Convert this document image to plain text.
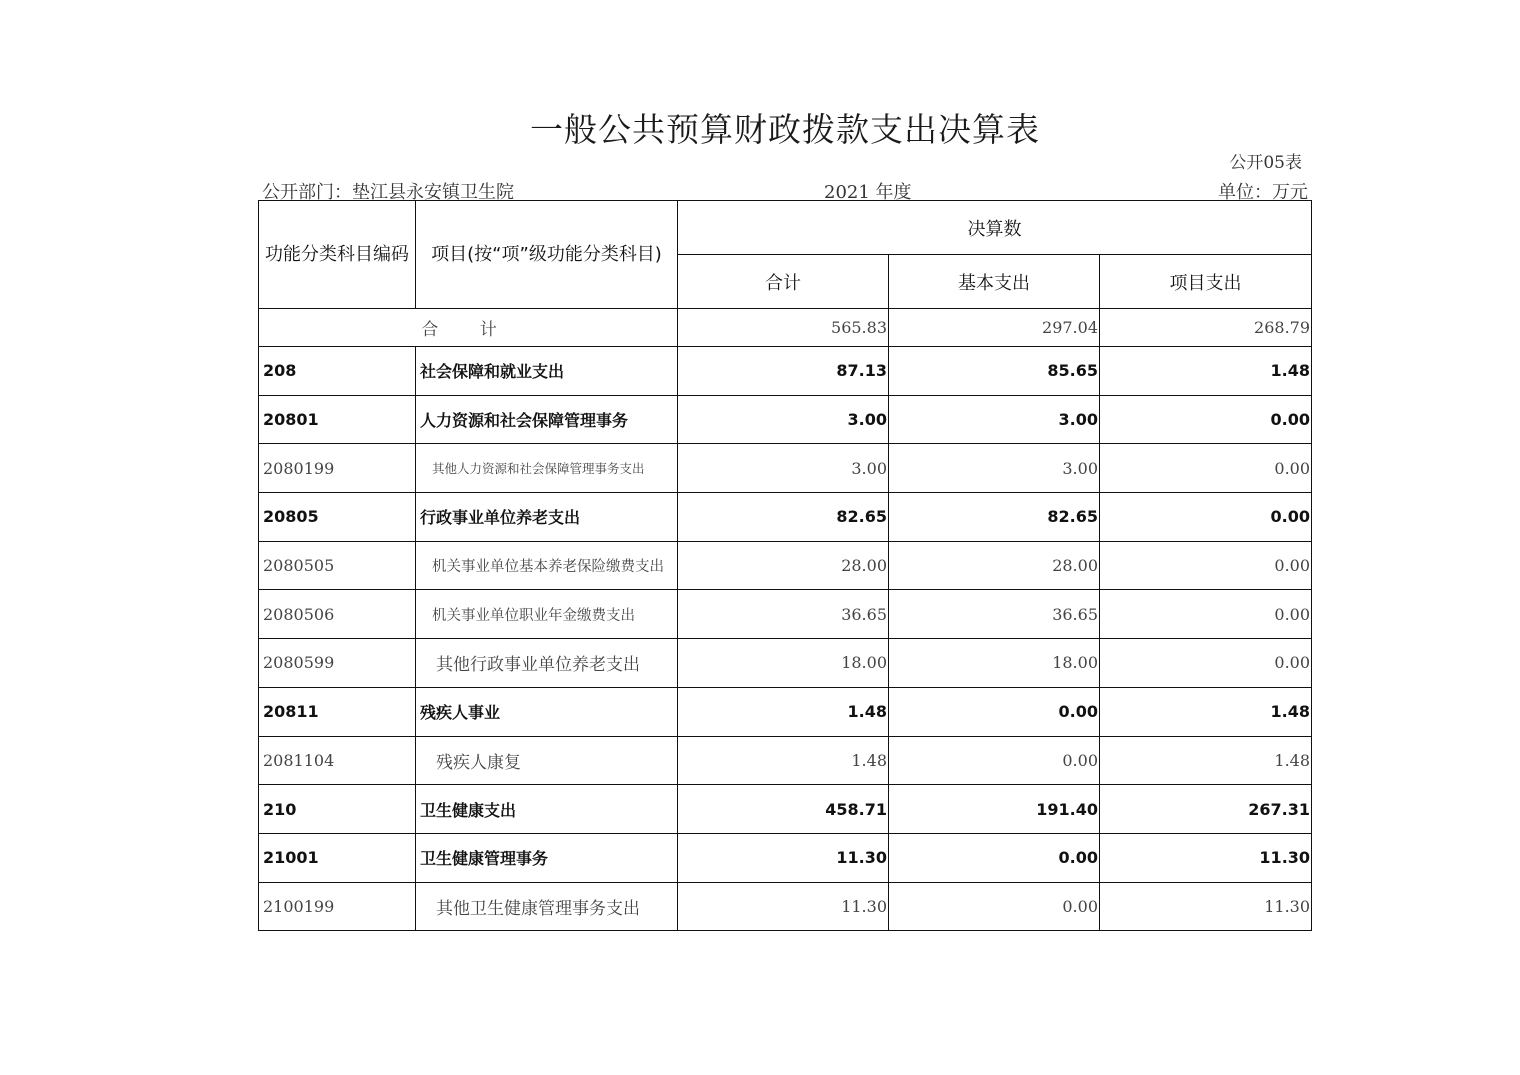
一般公共预算财政拨款支出决算表
公开05表
公开部门：垫江县永安镇卫生院	2021 年度	单位：万元
功能分类科目编码	项目(按“项”级功能分类科目)	决算数		
		合计	基本支出	项目支出
合 计		565.83	297.04	268.79
208	社会保障和就业支出	87.13	85.65	1.48
20801	人力资源和社会保障管理事务	3.00	3.00	0.00
2080199	其他人力资源和社会保障管理事务支出	3.00	3.00	0.00
20805	行政事业单位养老支出	82.65	82.65	0.00
2080505	机关事业单位基本养老保险缴费支出	28.00	28.00	0.00
2080506	机关事业单位职业年金缴费支出	36.65	36.65	0.00
2080599	其他行政事业单位养老支出	18.00	18.00	0.00
20811	残疾人事业	1.48	0.00	1.48
2081104	残疾人康复	1.48	0.00	1.48
210	卫生健康支出	458.71	191.40	267.31
21001	卫生健康管理事务	11.30	0.00	11.30
2100199	其他卫生健康管理事务支出	11.30	0.00	11.30
